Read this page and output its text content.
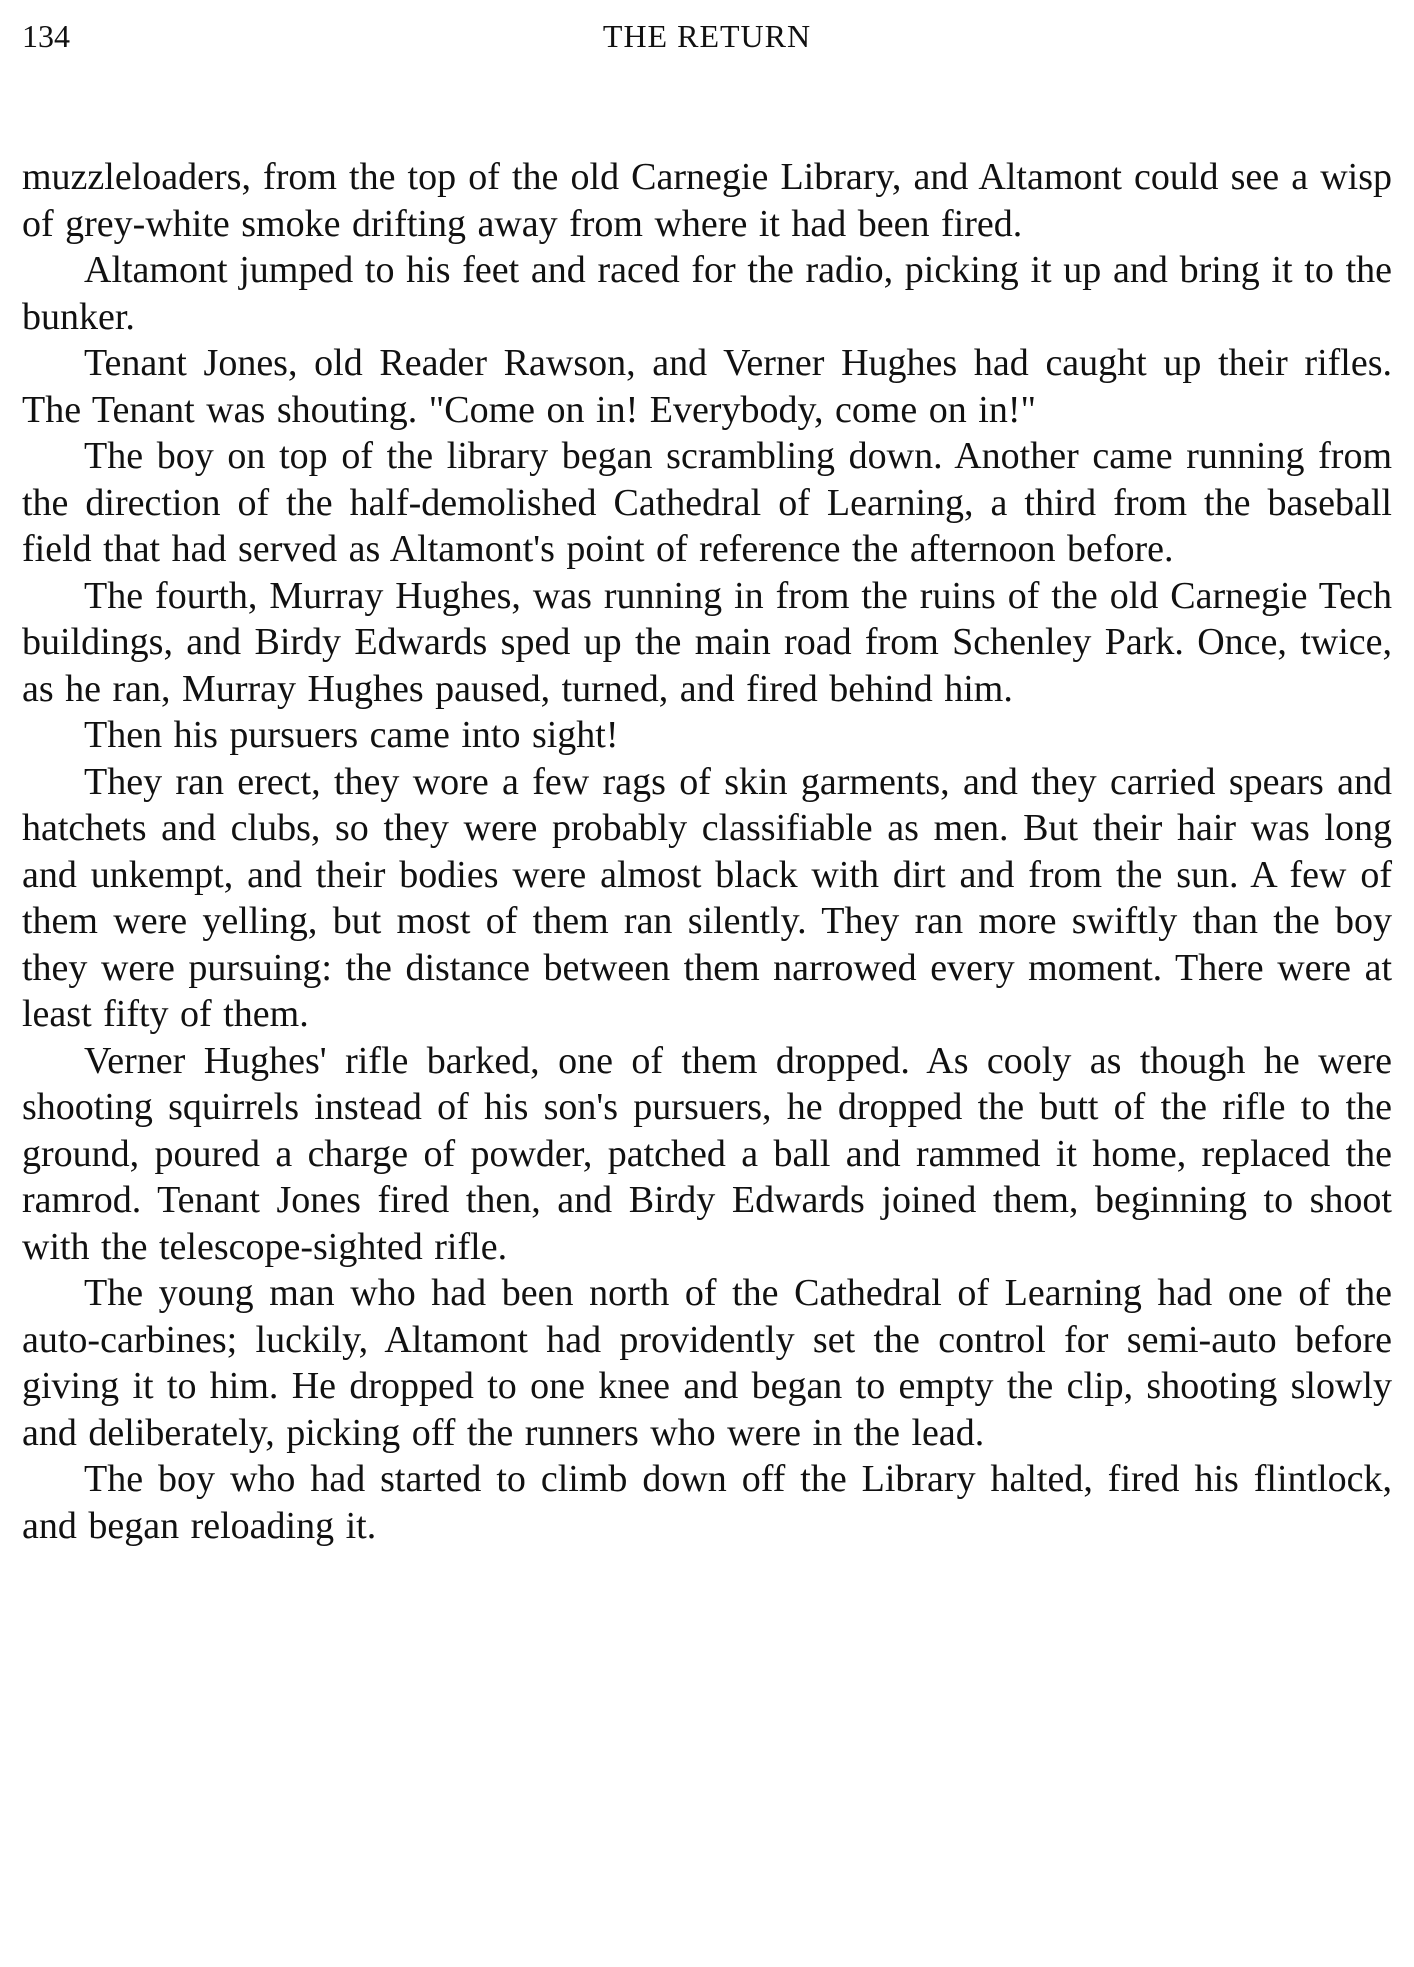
134	THE RETURN

muzzleloaders, from the top of the old Carnegie Library, and Altamont could see a wisp of grey-white smoke drifting away from where it had been fired.

Altamont jumped to his feet and raced for the radio, picking it up and bring it to the bunker.

Tenant Jones, old Reader Rawson, and Verner Hughes had caught up their rifles. The Tenant was shouting. "Come on in! Everybody, come on in!"

The boy on top of the library began scrambling down. Another came running from the direction of the half-demolished Cathedral of Learning, a third from the baseball field that had served as Altamont's point of reference the afternoon before.

The fourth, Murray Hughes, was running in from the ruins of the old Carnegie Tech buildings, and Birdy Edwards sped up the main road from Schenley Park. Once, twice, as he ran, Murray Hughes paused, turned, and fired behind him.

Then his pursuers came into sight!

They ran erect, they wore a few rags of skin garments, and they carried spears and hatchets and clubs, so they were probably classifiable as men. But their hair was long and unkempt, and their bodies were almost black with dirt and from the sun. A few of them were yelling, but most of them ran silently. They ran more swiftly than the boy they were pursuing: the distance between them narrowed every moment. There were at least fifty of them.

Verner Hughes' rifle barked, one of them dropped. As cooly as though he were shooting squirrels instead of his son's pursuers, he dropped the butt of the rifle to the ground, poured a charge of powder, patched a ball and rammed it home, replaced the ramrod. Tenant Jones fired then, and Birdy Edwards joined them, beginning to shoot with the telescope-sighted rifle.

The young man who had been north of the Cathedral of Learning had one of the auto-carbines; luckily, Altamont had providently set the control for semi-auto before giving it to him. He dropped to one knee and began to empty the clip, shooting slowly and deliberately, picking off the runners who were in the lead.

The boy who had started to climb down off the Library halted, fired his flintlock, and began reloading it.
